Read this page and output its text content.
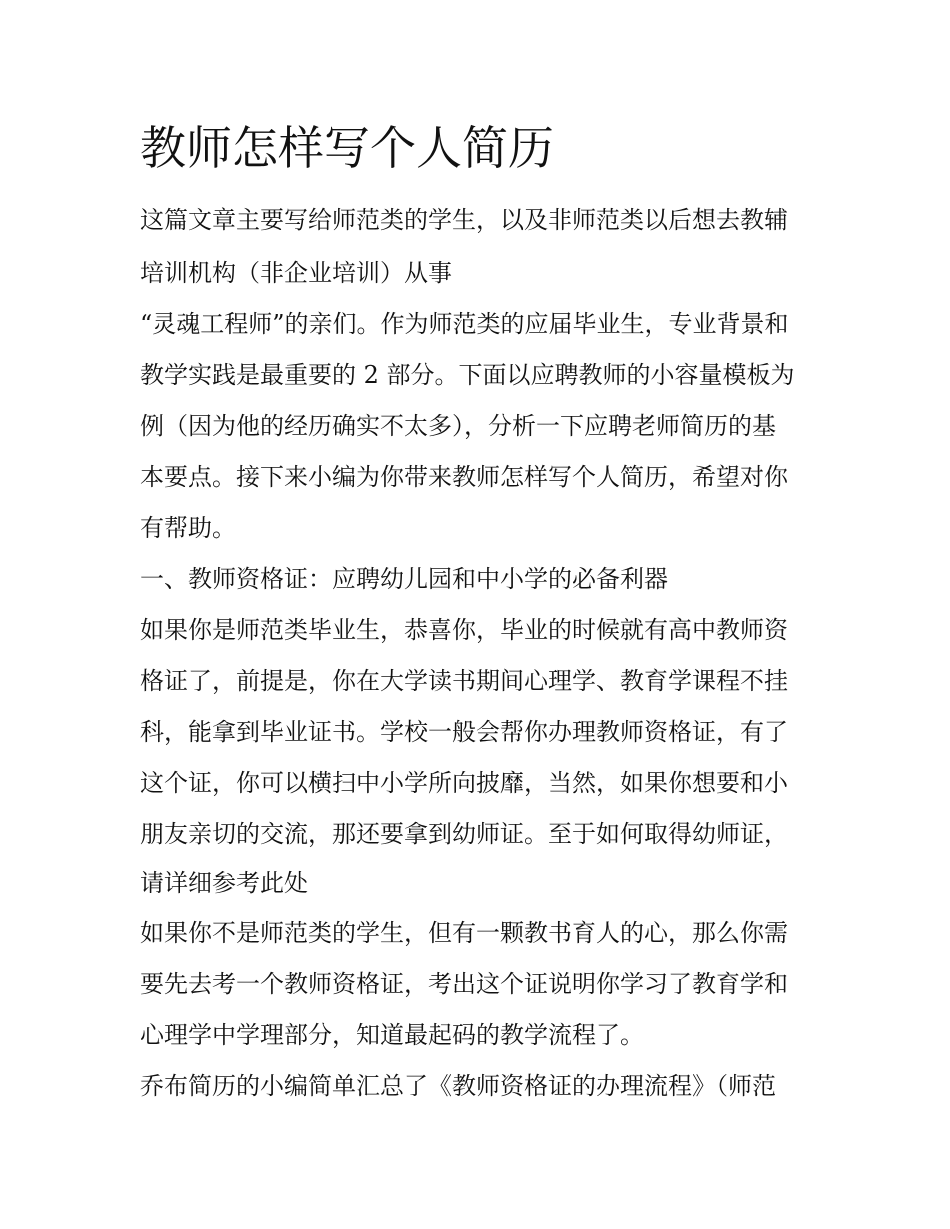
教师怎样写个人简历

这篇文章主要写给师范类的学生，以及非师范类以后想去教辅

培训机构（非企业培训）从事

“灵魂工程师”的亲们。作为师范类的应届毕业生，专业背景和

教学实践是最重要的 2 部分。下面以应聘教师的小容量模板为

例（因为他的经历确实不太多），分析一下应聘老师简历的基

本要点。接下来小编为你带来教师怎样写个人简历，希望对你

有帮助。

一、教师资格证：应聘幼儿园和中小学的必备利器

如果你是师范类毕业生，恭喜你，毕业的时候就有高中教师资

格证了，前提是，你在大学读书期间心理学、教育学课程不挂

科，能拿到毕业证书。学校一般会帮你办理教师资格证，有了

这个证，你可以横扫中小学所向披靡，当然，如果你想要和小

朋友亲切的交流，那还要拿到幼师证。至于如何取得幼师证，

请详细参考此处

如果你不是师范类的学生，但有一颗教书育人的心，那么你需

要先去考一个教师资格证，考出这个证说明你学习了教育学和

心理学中学理部分，知道最起码的教学流程了。

乔布简历的小编简单汇总了《教师资格证的办理流程》（师范
